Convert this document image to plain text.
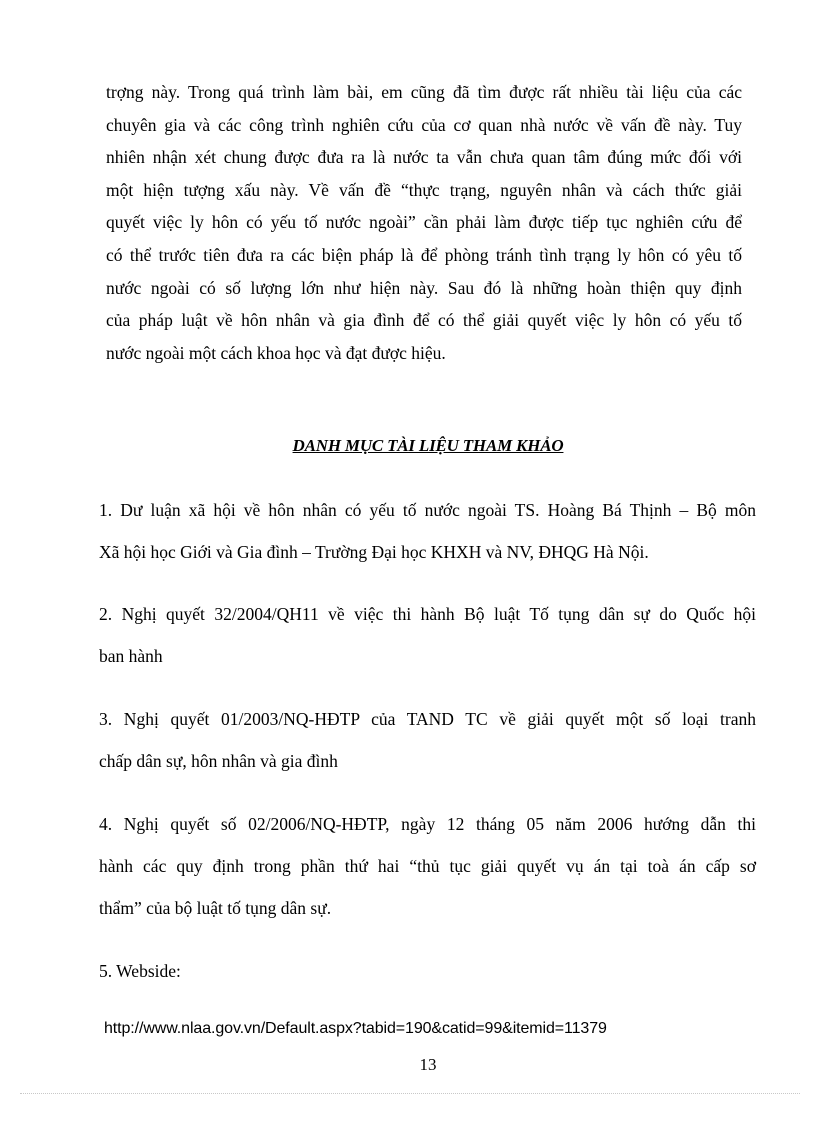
trợng này. Trong quá trình làm bài, em cũng đã tìm được rất nhiều tài liệu của các
chuyên gia và các công trình nghiên cứu của cơ quan nhà nước về vấn đề này. Tuy
nhiên nhận xét chung được đưa ra là nước ta vẫn chưa quan tâm đúng mức đối với
một hiện tượng xấu này. Về vấn đề “thực trạng, nguyên nhân và cách thức giải
quyết việc ly hôn có yếu tố nước ngoài” cần phải làm được tiếp tục nghiên cứu để
có thể trước tiên đưa ra các biện pháp là để phòng tránh tình trạng ly hôn có yêu tố
nước ngoài có số lượng lớn như hiện này. Sau đó là những hoàn thiện quy định
của pháp luật về hôn nhân và gia đình để có thể giải quyết việc ly hôn có yếu tố
nước ngoài một cách khoa học và đạt được hiệu.
DANH MỤC TÀI LIỆU THAM KHẢO
1. Dư luận xã hội về hôn nhân có yếu tố nước ngoài TS. Hoàng Bá Thịnh – Bộ môn
Xã hội học Giới và Gia đình – Trường Đại học KHXH và NV, ĐHQG Hà Nội.
2. Nghị quyết 32/2004/QH11 về việc thi hành Bộ luật Tố tụng dân sự do Quốc hội
ban hành
3. Nghị quyết 01/2003/NQ-HĐTP của TAND TC về giải quyết một số loại tranh
chấp dân sự, hôn nhân và gia đình
4. Nghị quyết số 02/2006/NQ-HĐTP, ngày 12 tháng 05 năm 2006 hướng dẫn thi
hành các quy định trong phần thứ hai “thủ tục giải quyết vụ án tại toà án cấp sơ
thẩm” của bộ luật tố tụng dân sự.
5. Webside:

http://www.nlaa.gov.vn/Default.aspx?tabid=190&catid=99&itemid=11379

13
